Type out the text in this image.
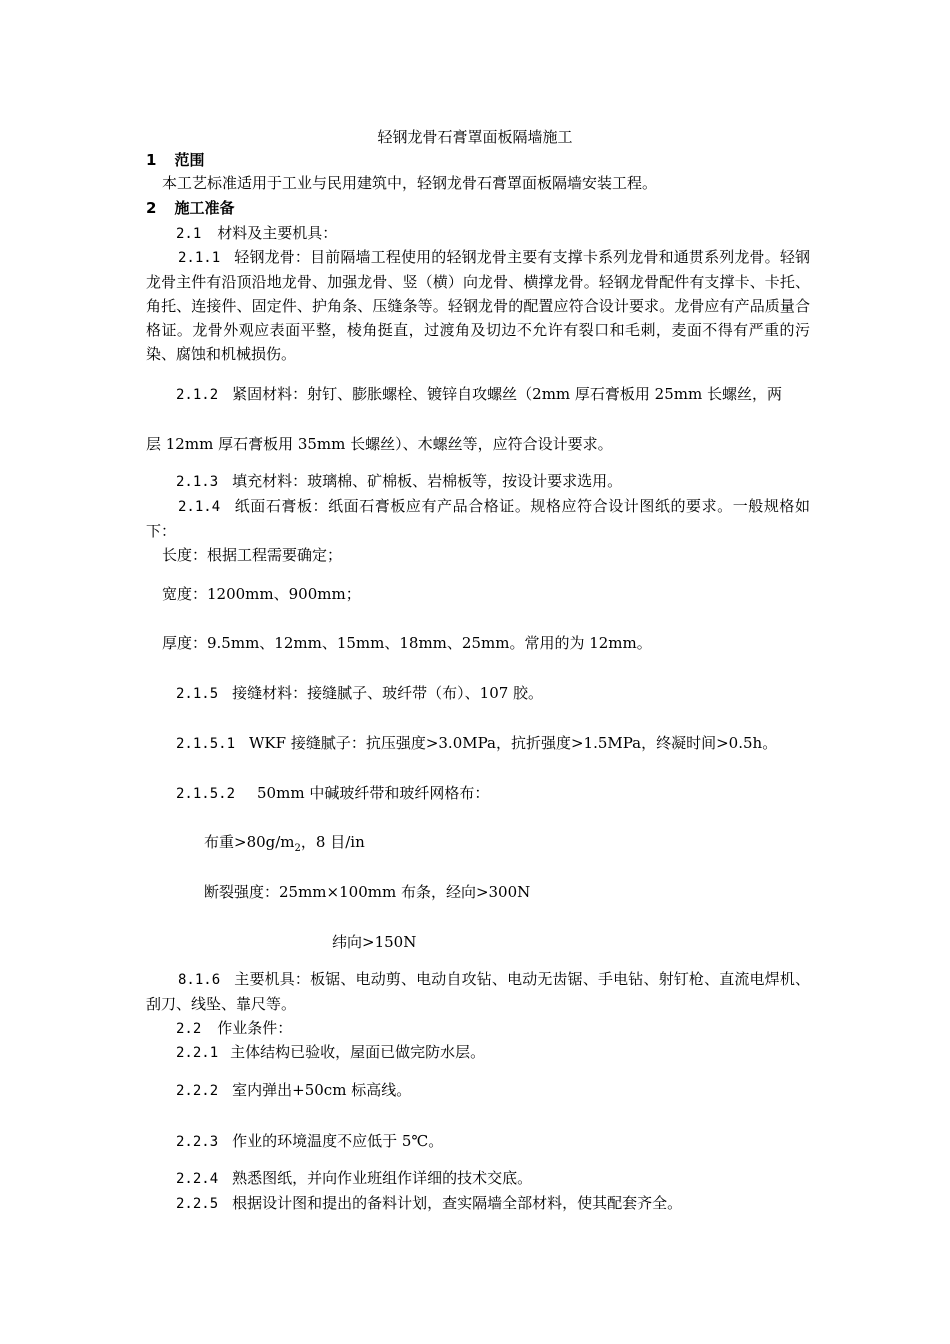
轻钢龙骨石膏罩面板隔墙施工
1 范围
本工艺标准适用于工业与民用建筑中，轻钢龙骨石膏罩面板隔墙安装工程。
2 施工准备
2.1 材料及主要机具：
2.1.1 轻钢龙骨：目前隔墙工程使用的轻钢龙骨主要有支撑卡系列龙骨和通贯系列龙骨。轻钢龙骨主件有沿顶沿地龙骨、加强龙骨、竖（横）向龙骨、横撑龙骨。轻钢龙骨配件有支撑卡、卡托、角托、连接件、固定件、护角条、压缝条等。轻钢龙骨的配置应符合设计要求。龙骨应有产品质量合格证。龙骨外观应表面平整，棱角挺直，过渡角及切边不允许有裂口和毛刺，麦面不得有严重的污染、腐蚀和机械损伤。
2.1.2 紧固材料：射钉、膨胀螺栓、镀锌自攻螺丝（2mm 厚石膏板用 25mm 长螺丝，两
层 12mm 厚石膏板用 35mm 长螺丝）、木螺丝等，应符合设计要求。
2.1.3 填充材料：玻璃棉、矿棉板、岩棉板等，按设计要求选用。
2.1.4 纸面石膏板：纸面石膏板应有产品合格证。规格应符合设计图纸的要求。一般规格如下：
长度：根据工程需要确定；
宽度：1200mm、900mm；
厚度：9.5mm、12mm、15mm、18mm、25mm。常用的为 12mm。
2.1.5 接缝材料：接缝腻子、玻纤带（布）、107 胶。
2.1.5.1 WKF 接缝腻子：抗压强度>3.0MPa，抗折强度>1.5MPa，终凝时间>0.5h。
2.1.5.2 50mm 中碱玻纤带和玻纤网格布：
布重$>80g/m_2$，8 目/in
断裂强度：25mm×100mm 布条，经向>300N
纬向>150N
8.1.6 主要机具：板锯、电动剪、电动自攻钻、电动无齿锯、手电钻、射钉枪、直流电焊机、刮刀、线坠、靠尺等。
2.2 作业条件：
2.2.1 主体结构已验收，屋面已做完防水层。
2.2.2 室内弹出+50cm 标高线。
2.2.3 作业的环境温度不应低于 5℃。
2.2.4 熟悉图纸，并向作业班组作详细的技术交底。
2.2.5 根据设计图和提出的备料计划，查实隔墙全部材料，使其配套齐全。
